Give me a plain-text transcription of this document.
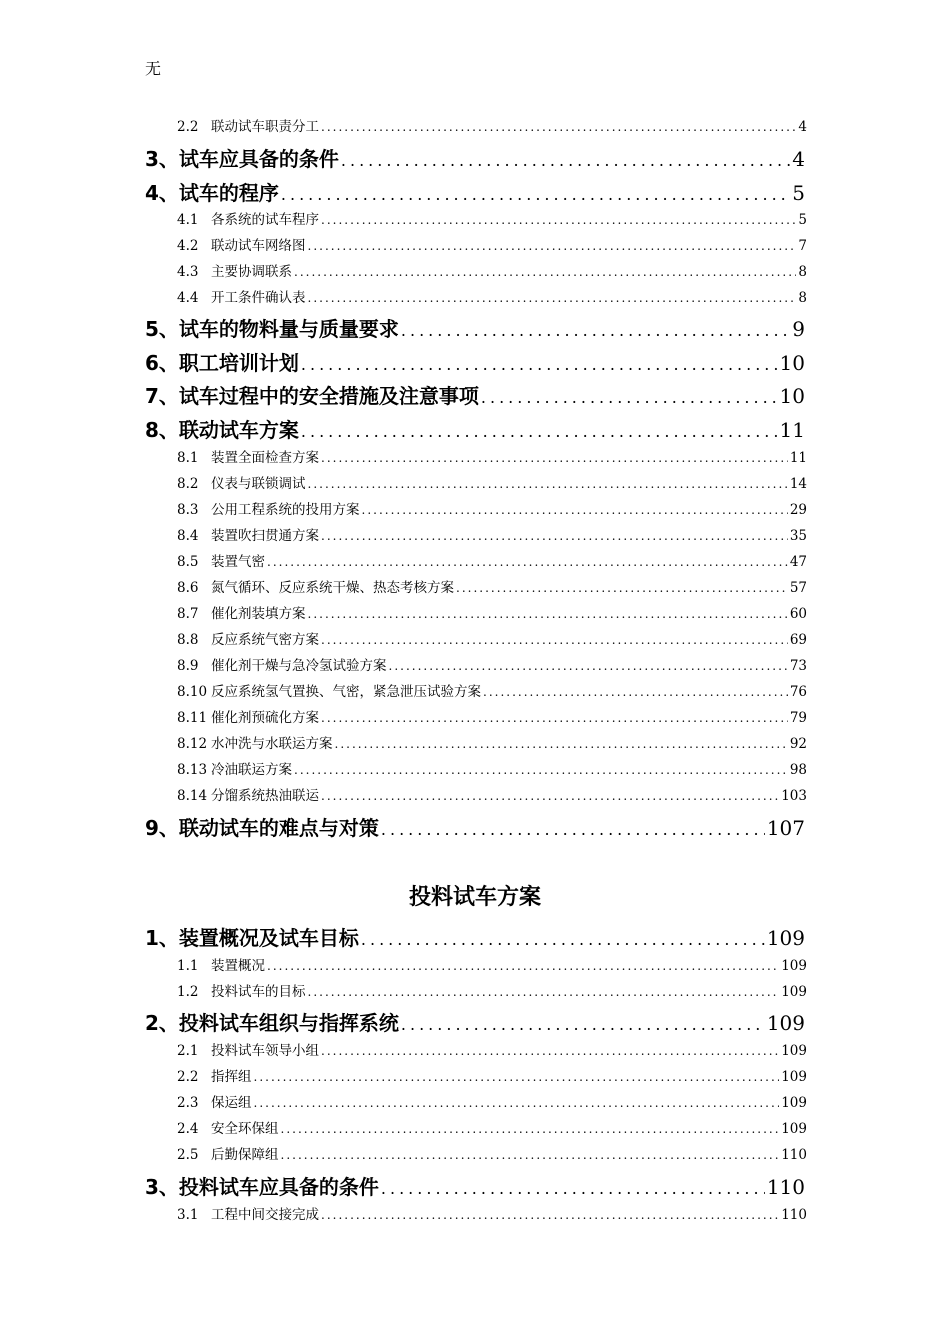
无
2.2 联动试车职责分工 .....	4
3、试车应具备的条件 .....	4
4、试车的程序 .....	5
4.1 各系统的试车程序 .....	5
4.2 联动试车网络图 .....	7
4.3 主要协调联系 .....	8
4.4 开工条件确认表 .....	8
5、试车的物料量与质量要求 .....	9
6、职工培训计划 .....	10
7、试车过程中的安全措施及注意事项 .....	10
8、联动试车方案 .....	11
8.1 装置全面检查方案 .....	11
8.2 仪表与联锁调试 .....	14
8.3 公用工程系统的投用方案 .....	29
8.4 装置吹扫贯通方案 .....	35
8.5 装置气密 .....	47
8.6 氮气循环、反应系统干燥、热态考核方案 .....	57
8.7 催化剂装填方案 .....	60
8.8 反应系统气密方案 .....	69
8.9 催化剂干燥与急冷氢试验方案 .....	73
8.10 反应系统氢气置换、气密，紧急泄压试验方案 .....	76
8.11 催化剂预硫化方案 .....	79
8.12 水冲洗与水联运方案 .....	92
8.13 冷油联运方案 .....	98
8.14 分馏系统热油联运 .....	103
9、联动试车的难点与对策 .....	107
1、装置概况及试车目标 .....	109
1.1 装置概况 .....	109
1.2 投料试车的目标 .....	109
2、投料试车组织与指挥系统 .....	109
2.1 投料试车领导小组 .....	109
2.2 指挥组 .....	109
2.3 保运组 .....	109
2.4 安全环保组 .....	109
2.5 后勤保障组 .....	110
3、投料试车应具备的条件 .....	110
3.1 工程中间交接完成 .....	110
投料试车方案
